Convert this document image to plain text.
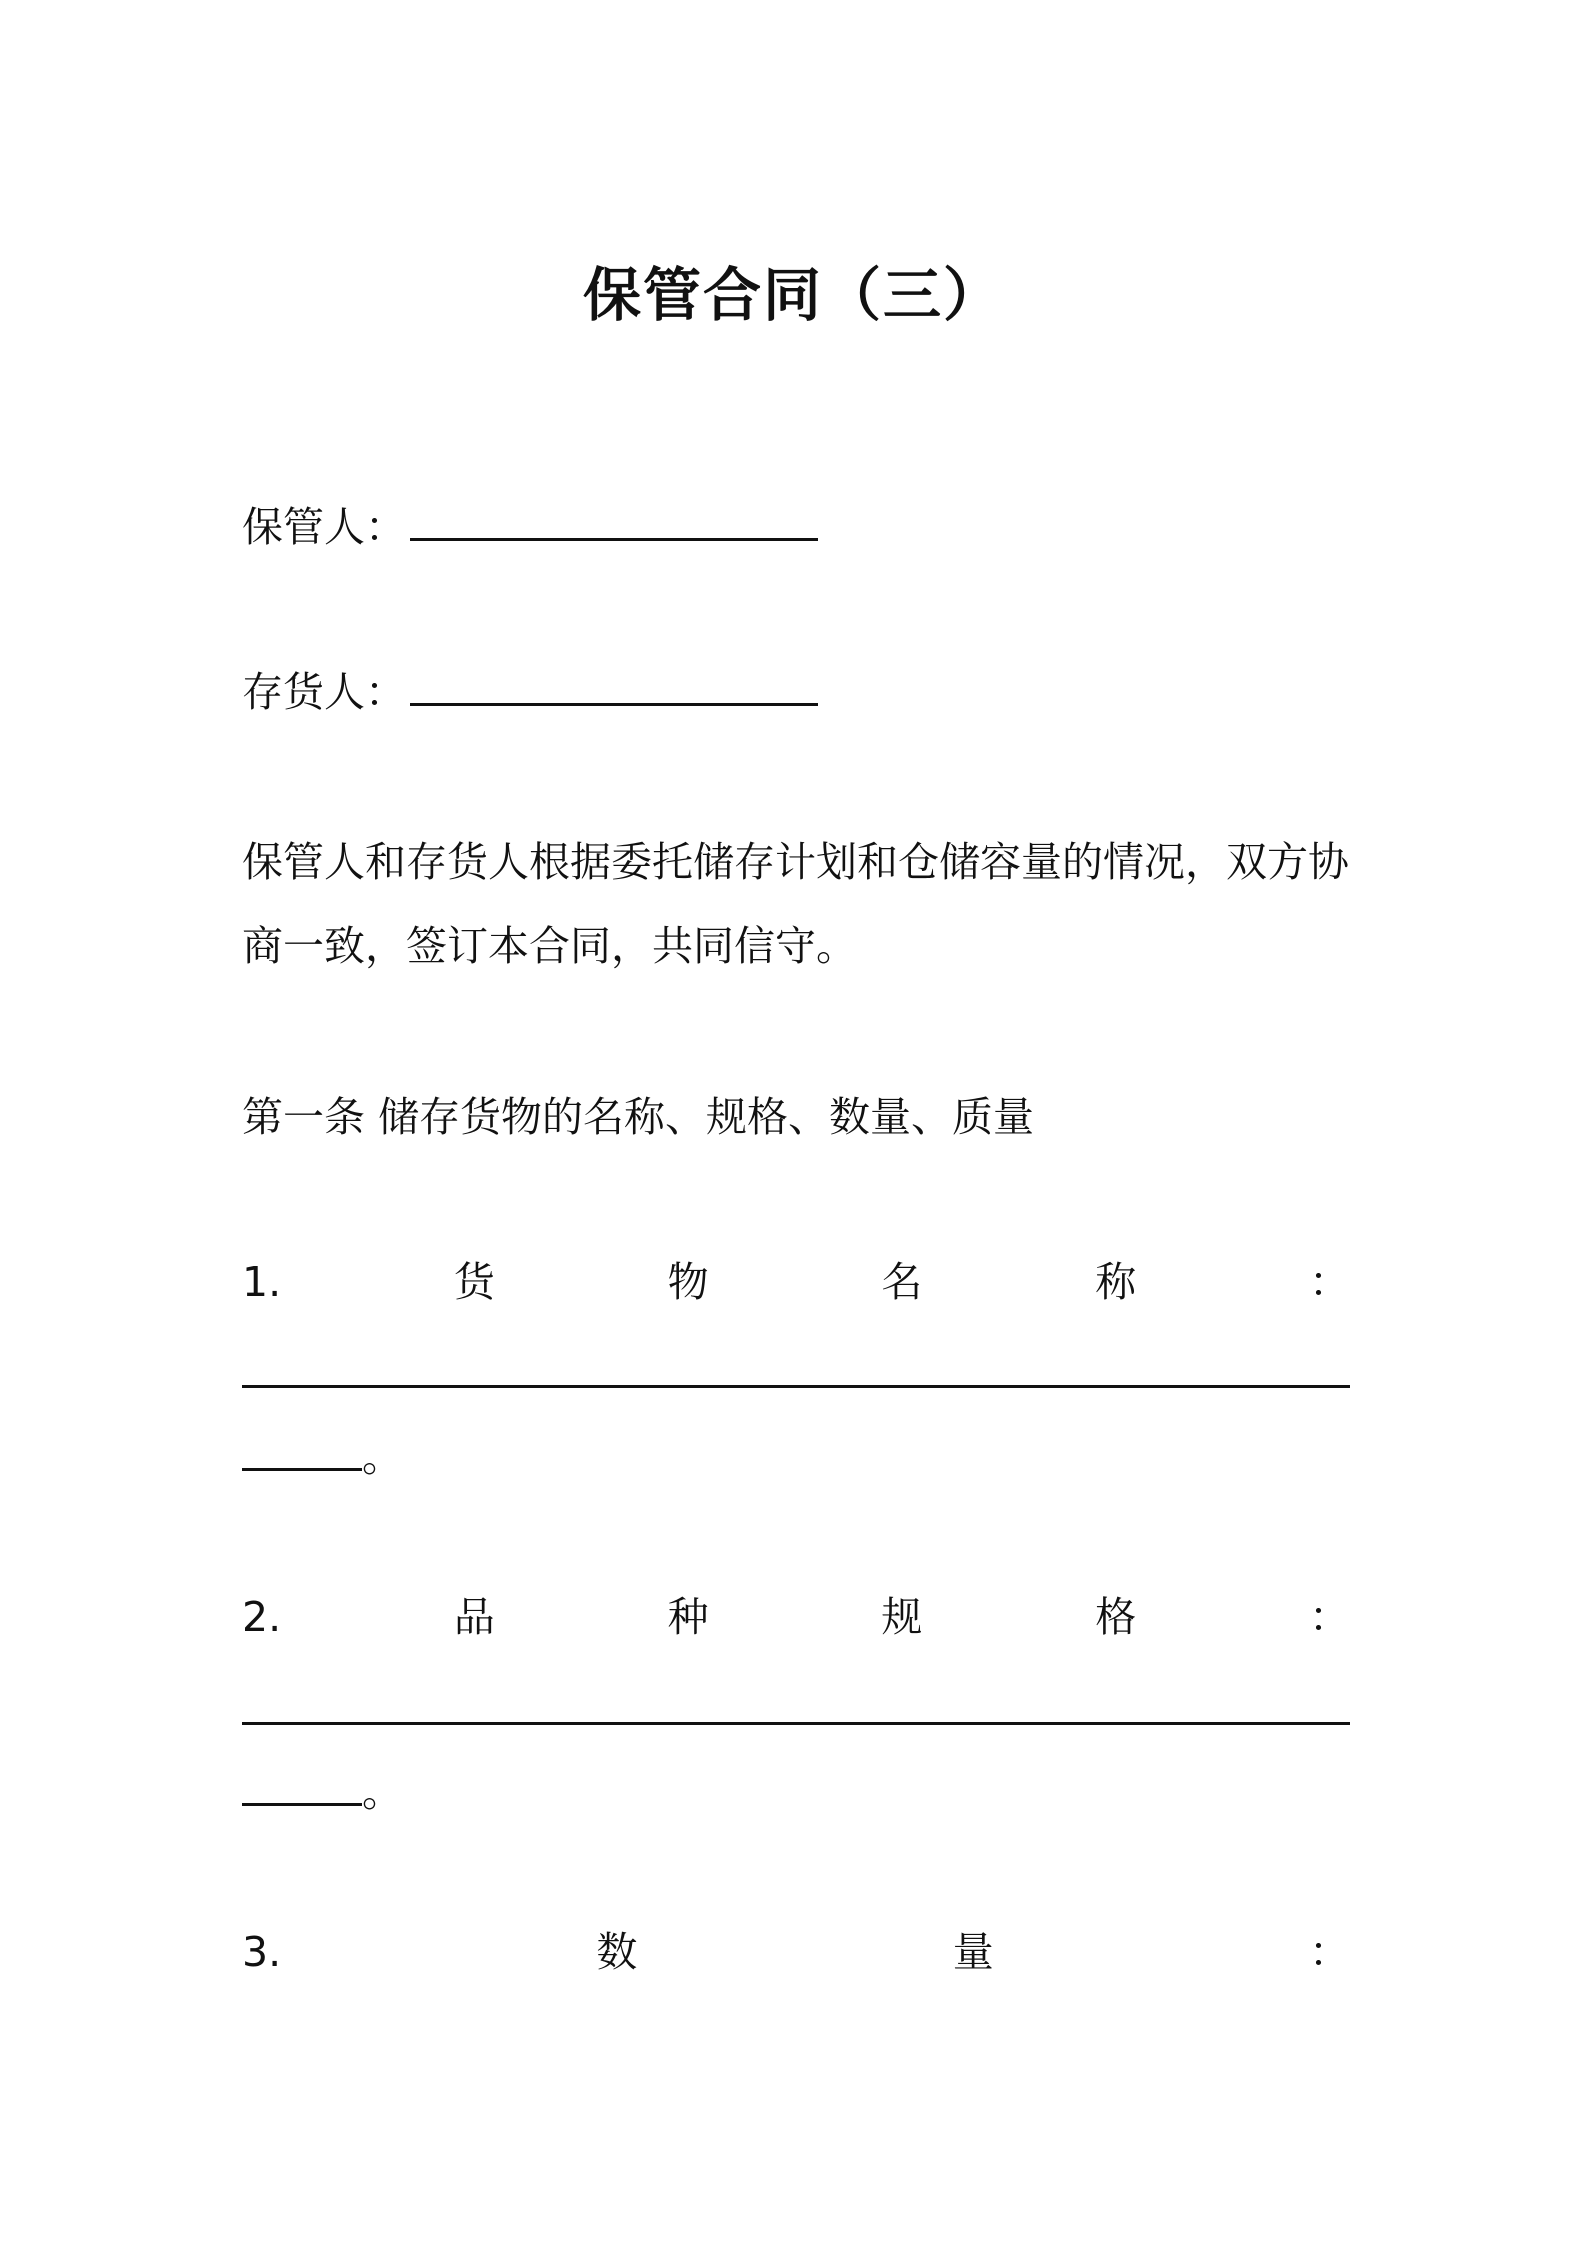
保管合同（三）
保管人：
存货人：
保管人和存货人根据委托储存计划和仓储容量的情况，双方协商一致，签订本合同，共同信守。
第一条 储存货物的名称、规格、数量、质量
1.	货	物	名	称	：
。
2.	品	种	规	格	：
。
3.	数	量	：
